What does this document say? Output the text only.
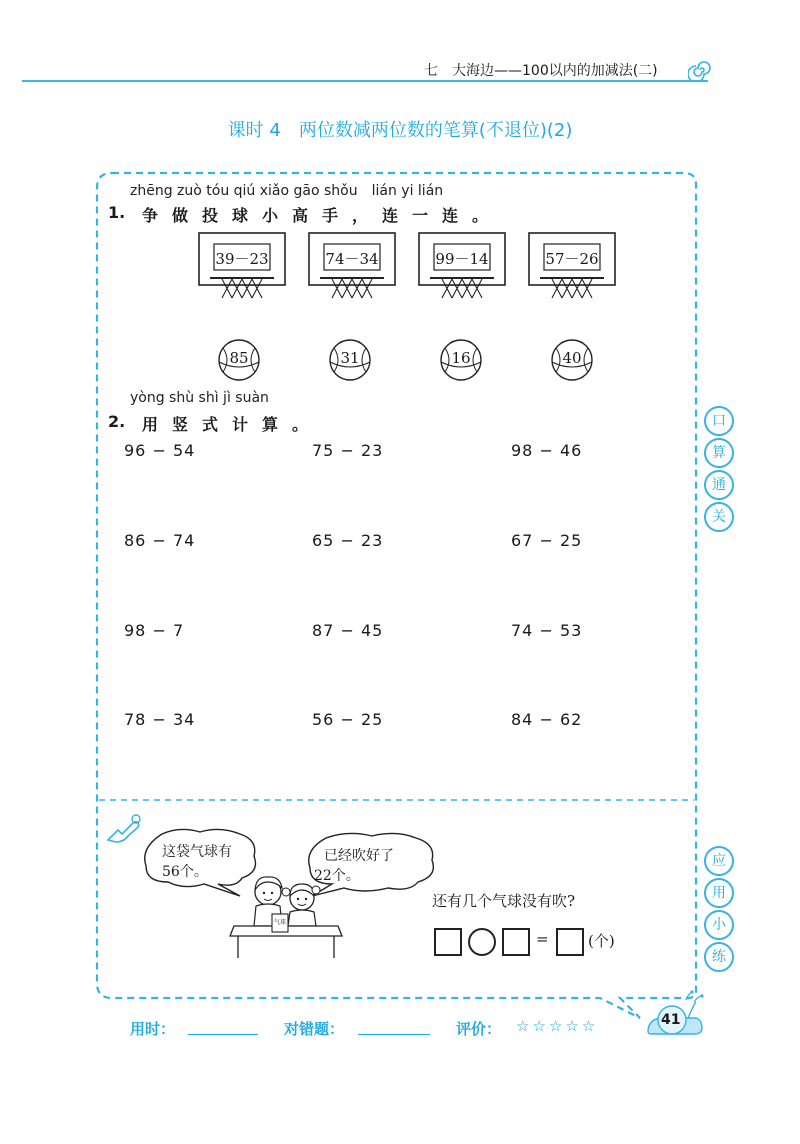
七　大海边——100以内的加减法(二)
课时 4　两位数减两位数的笔算(不退位)(2)
zhēng zuò tóu qiú xiǎo gāo shǒu　lián yi lián
1. 争做投球小高手，连一连。
39－23	74－34	99－14	57－26
85	31	16	40
yòng shù shì jì suàn
2. 用竖式计算。
96 − 54	75 − 23	98 − 46
86 − 74	65 − 23	67 − 25
98 − 7	87 − 45	74 − 53
78 − 34	56 − 25	84 − 62
口
算
通
关
应
用
小
练
这袋气球有
56个。
已经吹好了
22个。
气球
还有几个气球没有吹?
=	(个)
用时：	对错题：	评价： ☆☆☆☆☆	41
